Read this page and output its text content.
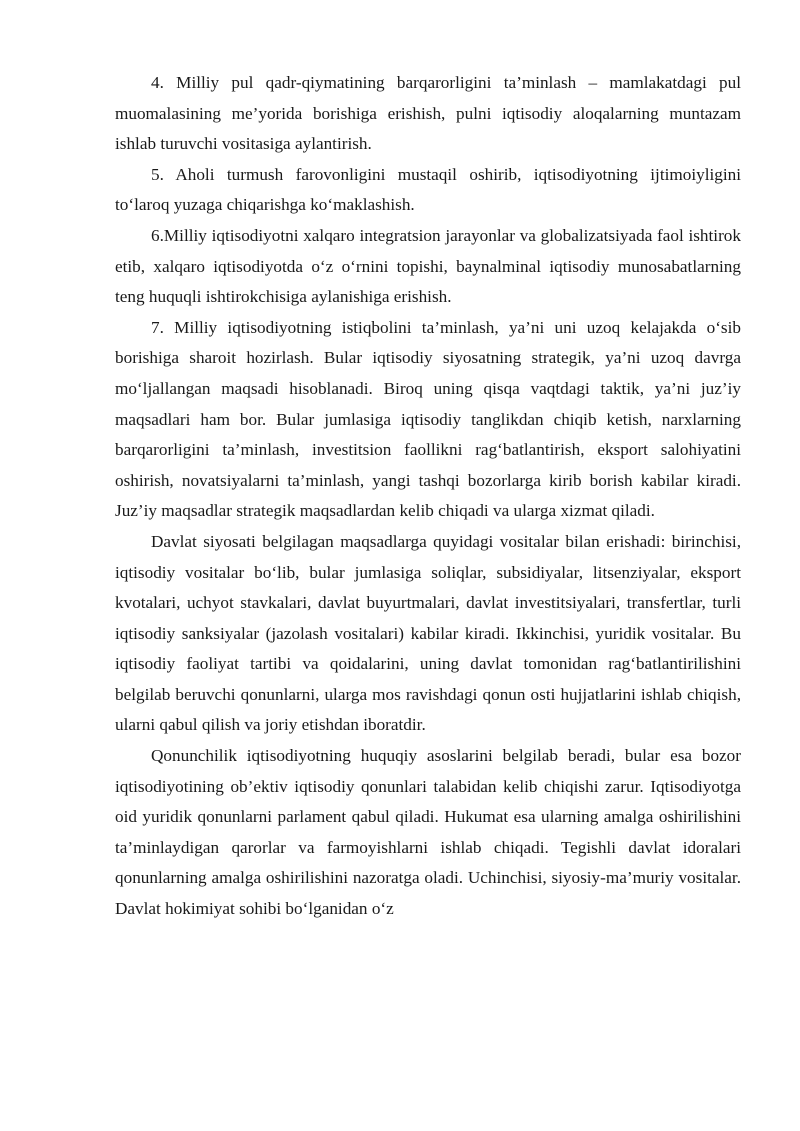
4. Milliy pul qadr-qiymatining barqarorligini ta’minlash – mamlakatdagi pul muomalasining me’yorida borishiga erishish, pulni iqtisodiy aloqalarning muntazam ishlab turuvchi vositasiga aylantirish.

5. Aholi turmush farovonligini mustaqil oshirib, iqtisodiyotning ijtimoiyligini to‘laroq yuzaga chiqarishga ko‘maklashish.

6.Milliy iqtisodiyotni xalqaro integratsion jarayonlar va globalizatsiyada faol ishtirok etib, xalqaro iqtisodiyotda o‘z o‘rnini topishi, baynalminal iqtisodiy munosabatlarning teng huquqli ishtirokchisiga aylanishiga erishish.

7. Milliy iqtisodiyotning istiqbolini ta’minlash, ya’ni uni uzoq kelajakda o‘sib borishiga sharoit hozirlash. Bular iqtisodiy siyosatning strategik, ya’ni uzoq davrga mo‘ljallangan maqsadi hisoblanadi. Biroq uning qisqa vaqtdagi taktik, ya’ni juz’iy maqsadlari ham bor. Bular jumlasiga iqtisodiy tanglikdan chiqib ketish, narxlarning barqarorligini ta’minlash, investitsion faollikni rag‘batlantirish, eksport salohiyatini oshirish, novatsiyalarni ta’minlash, yangi tashqi bozorlarga kirib borish kabilar kiradi. Juz’iy maqsadlar strategik maqsadlardan kelib chiqadi va ularga xizmat qiladi.

Davlat siyosati belgilagan maqsadlarga quyidagi vositalar bilan erishadi: birinchisi, iqtisodiy vositalar bo‘lib, bular jumlasiga soliqlar, subsidiyalar, litsenziyalar, eksport kvotalari, uchyot stavkalari, davlat buyurtmalari, davlat investitsiyalari, transfertlar, turli iqtisodiy sanksiyalar (jazolash vositalari) kabilar kiradi. Ikkinchisi, yuridik vositalar. Bu iqtisodiy faoliyat tartibi va qoidalarini, uning davlat tomonidan rag‘batlantirilishini belgilab beruvchi qonunlarni, ularga mos ravishdagi qonun osti hujjatlarini ishlab chiqish, ularni qabul qilish va joriy etishdan iboratdir.

Qonunchilik iqtisodiyotning huquqiy asoslarini belgilab beradi, bular esa bozor iqtisodiyotining ob’ektiv iqtisodiy qonunlari talabidan kelib chiqishi zarur. Iqtisodiyotga oid yuridik qonunlarni parlament qabul qiladi. Hukumat esa ularning amalga oshirilishini ta’minlaydigan qarorlar va farmoyishlarni ishlab chiqadi. Tegishli davlat idoralari qonunlarning amalga oshirilishini nazoratga oladi. Uchinchisi, siyosiy-ma’muriy vositalar. Davlat hokimiyat sohibi bo‘lganidan o‘z
